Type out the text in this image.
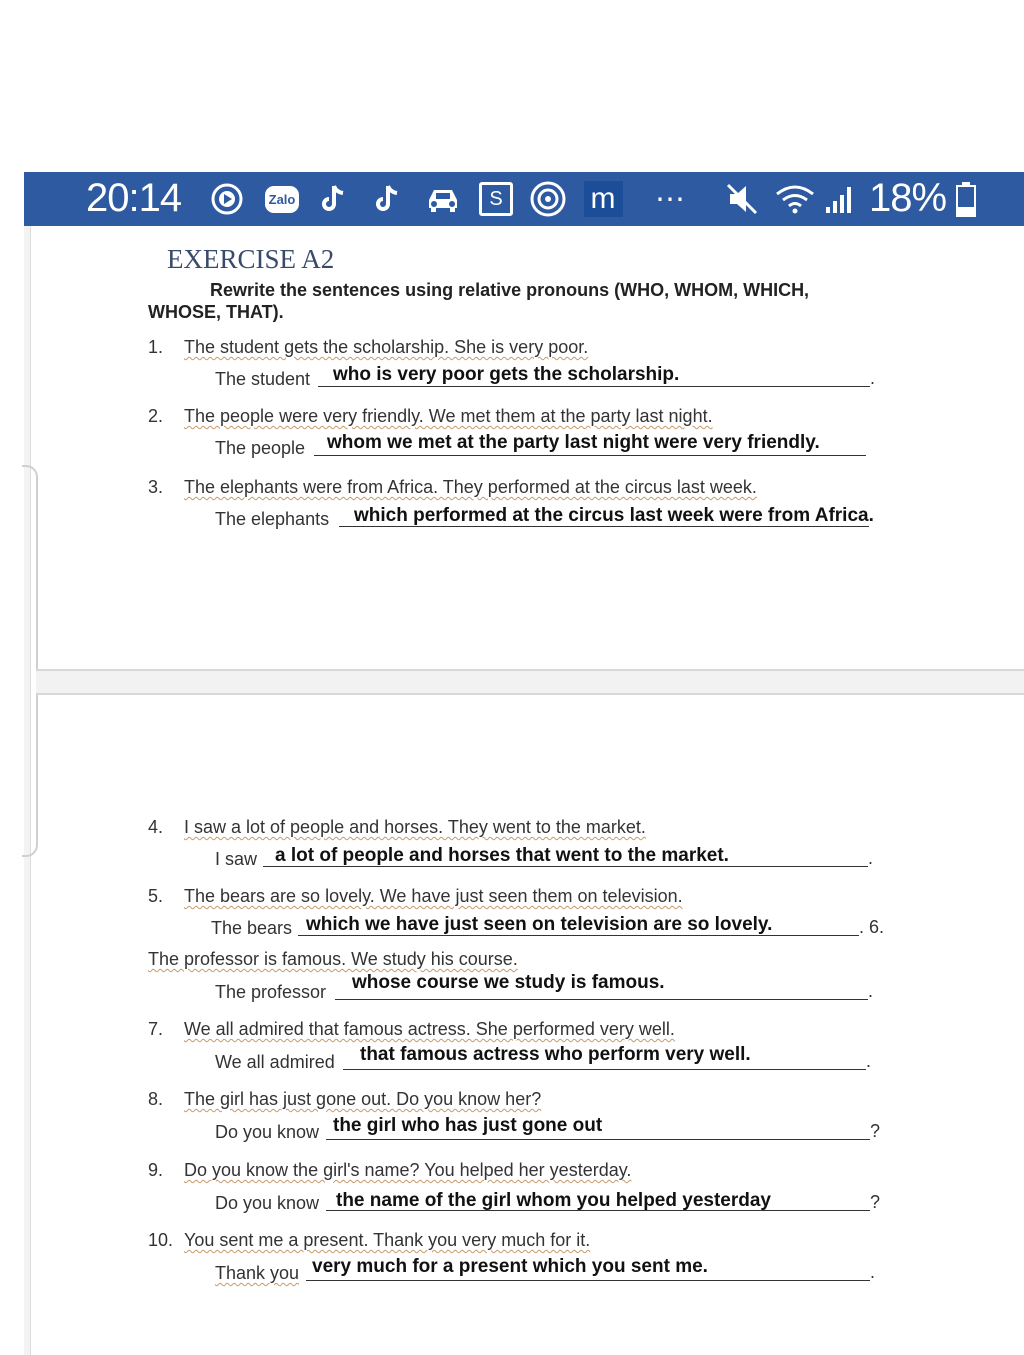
20:14	Zalo	S	m ⋯	18%
EXERCISE A2
Rewrite the sentences using relative pronouns (WHO, WHOM, WHICH,
WHOSE, THAT).
1. The student gets the scholarship. She is very poor.
The student who is very poor gets the scholarship.	.
2. The people were very friendly. We met them at the party last night.
The people whom we met at the party last night were very friendly.
3. The elephants were from Africa. They performed at the circus last week.
The elephants which performed at the circus last week were from Africa.
4. I saw a lot of people and horses. They went to the market.
I saw a lot of people and horses that went to the market.	.
5. The bears are so lovely. We have just seen them on television.
The bears which we have just seen on television are so lovely.	. 6.
The professor is famous. We study his course.
The professor whose course we study is famous.	.
7. We all admired that famous actress. She performed very well.
We all admired that famous actress who perform very well.	.
8. The girl has just gone out. Do you know her?
Do you know the girl who has just gone out	?
9. Do you know the girl's name? You helped her yesterday.
Do you know the name of the girl whom you helped yesterday	?
10. You sent me a present. Thank you very much for it.
Thank you very much for a present which you sent me.	.
